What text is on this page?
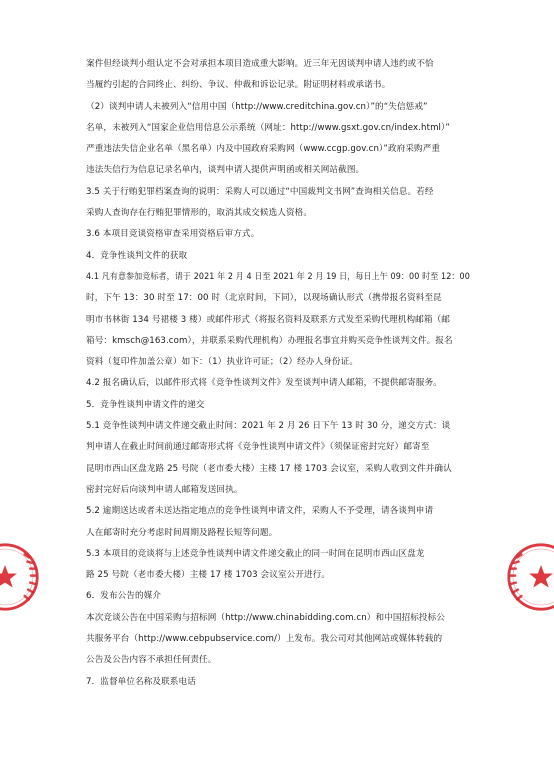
案件但经谈判小组认定不会对承担本项目造成重大影响。近三年无因谈判申请人违约或不恰
当履约引起的合同终止、纠纷、争议、仲裁和诉讼记录。附证明材料或承诺书。
（2）谈判申请人未被列入“信用中国（http://www.creditchina.gov.cn）”的“失信惩戒”
名单，未被列入“国家企业信用信息公示系统（网址：http://www.gsxt.gov.cn/index.html）”
严重违法失信企业名单（黑名单）内及中国政府采购网（www.ccgp.gov.cn）”政府采购严重
违法失信行为信息记录名单内，谈判申请人提供声明函或相关网站截图。
3.5 关于行贿犯罪档案查询的说明：采购人可以通过“中国裁判文书网”查询相关信息。若经
采购人查询存在行贿犯罪情形的，取消其成交候选人资格。
3.6 本项目竞谈资格审查采用资格后审方式。
4．竞争性谈判文件的获取
4.1 凡有意参加竞标者，请于 2021 年 2 月 4 日至 2021 年 2 月 19 日，每日上午 09：00 时至 12：00
时，下午 13：30 时至 17：00 时（北京时间，下同），以现场确认形式（携带报名资料至昆
明市书林街 134 号裙楼 3 楼）或邮件形式（将报名资料及联系方式发至采购代理机构邮箱（邮
箱号：kmsch@163.com），并联系采购代理机构）办理报名事宜并购买竞争性谈判文件。报名
资料（复印件加盖公章）如下：（1）执业许可证；（2）经办人身份证。
4.2 报名确认后，以邮件形式将《竞争性谈判文件》发至谈判申请人邮箱，不提供邮寄服务。
5．竞争性谈判申请文件的递交
5.1 竞争性谈判申请文件递交截止时间：2021 年 2 月 26 日下午 13 时 30 分，递交方式：谈
判申请人在截止时间前通过邮寄形式将《竞争性谈判申请文件》（须保证密封完好）邮寄至
昆明市西山区盘龙路 25 号院（老市委大楼）主楼 17 楼 1703 会议室，采购人收到文件并确认
密封完好后向谈判申请人邮箱发送回执。
5.2 逾期送达或者未送达指定地点的竞争性谈判申请文件，采购人不予受理，请各谈判申请
人在邮寄时充分考虑时间周期及路程长短等问题。
5.3 本项目的竞谈将与上述竞争性谈判申请文件递交截止的同一时间在昆明市西山区盘龙
路 25 号院（老市委大楼）主楼 17 楼 1703 会议室公开进行。
6．发布公告的媒介
本次竞谈公告在中国采购与招标网（http://www.chinabidding.com.cn）和中国招标投标公
共服务平台（http://www.cebpubservice.com/）上发布。我公司对其他网站或媒体转载的
公告及公告内容不承担任何责任。
7．监督单位名称及联系电话
